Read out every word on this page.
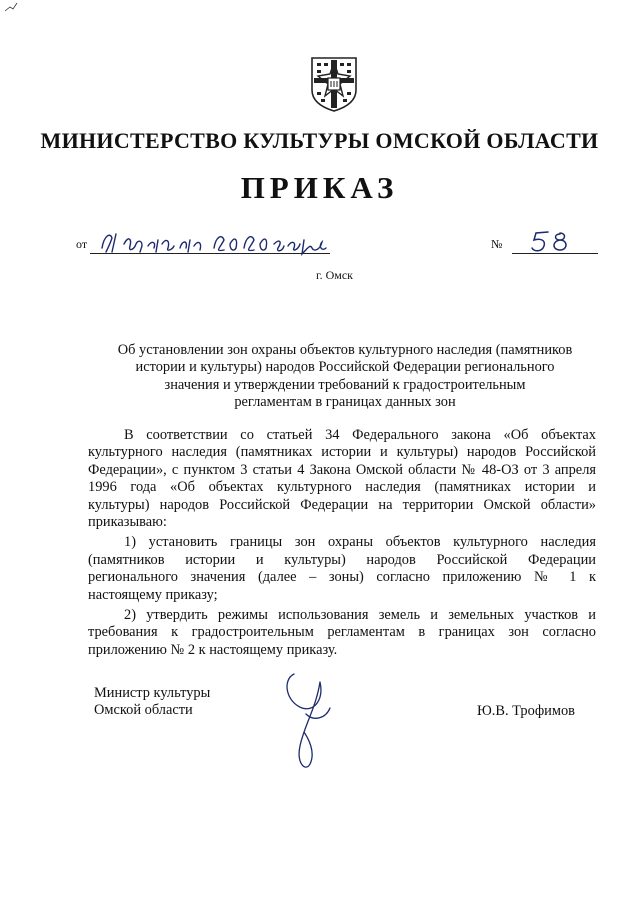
МИНИСТЕРСТВО КУЛЬТУРЫ ОМСКОЙ ОБЛАСТИ
ПРИКАЗ
от	№
г. Омск
Об установлении зон охраны объектов культурного наследия (памятников
истории и культуры) народов Российской Федерации регионального
значения и утверждении требований к градостроительным
регламентам в границах данных зон
В соответствии со статьей 34 Федерального закона «Об объектах
культурного наследия (памятниках истории и культуры) народов Российской
Федерации», с пунктом 3 статьи 4 Закона Омской области № 48-ОЗ от 3 апреля
1996 года «Об объектах культурного наследия (памятниках истории и
культуры) народов Российской Федерации на территории Омской области»
приказываю:
1) установить границы зон охраны объектов культурного наследия
(памятников истории и культуры) народов Российской Федерации
регионального значения (далее – зоны) согласно приложению № 1 к
настоящему приказу;
2) утвердить режимы использования земель и земельных участков и
требования к градостроительным регламентам в границах зон согласно
приложению № 2 к настоящему приказу.
Министр культуры
Омской области	Ю.В. Трофимов
